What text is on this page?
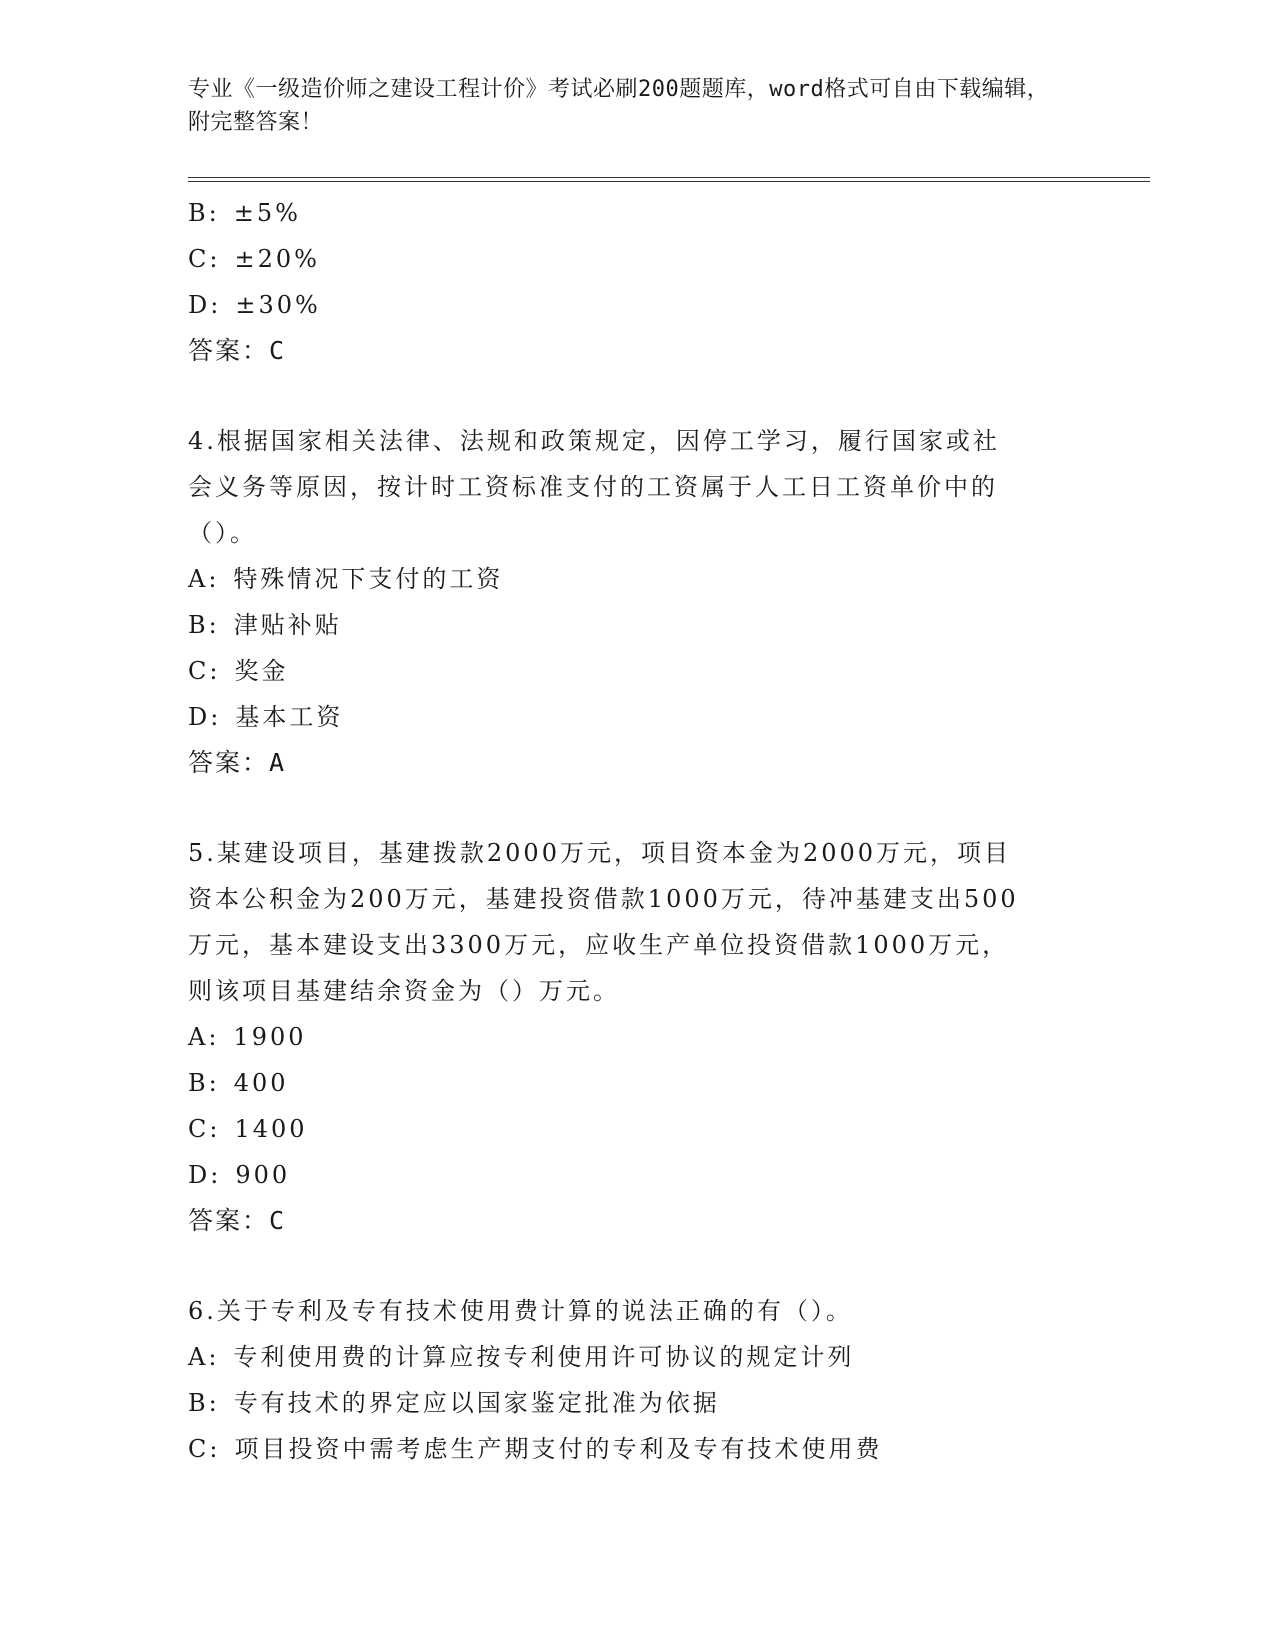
专业《一级造价师之建设工程计价》考试必刷200题题库，word格式可自由下载编辑，附完整答案！
B: ±5%
C: ±20%
D: ±30%
答案：C
4.根据国家相关法律、法规和政策规定，因停工学习，履行国家或社
会义务等原因，按计时工资标准支付的工资属于人工日工资单价中的
（）。
A: 特殊情况下支付的工资
B: 津贴补贴
C: 奖金
D: 基本工资
答案：A
5.某建设项目，基建拨款2000万元，项目资本金为2000万元，项目
资本公积金为200万元，基建投资借款1000万元，待冲基建支出500
万元，基本建设支出3300万元，应收生产单位投资借款1000万元，
则该项目基建结余资金为（）万元。
A: 1900
B: 400
C: 1400
D: 900
答案：C
6.关于专利及专有技术使用费计算的说法正确的有（）。
A: 专利使用费的计算应按专利使用许可协议的规定计列
B: 专有技术的界定应以国家鉴定批准为依据
C: 项目投资中需考虑生产期支付的专利及专有技术使用费
